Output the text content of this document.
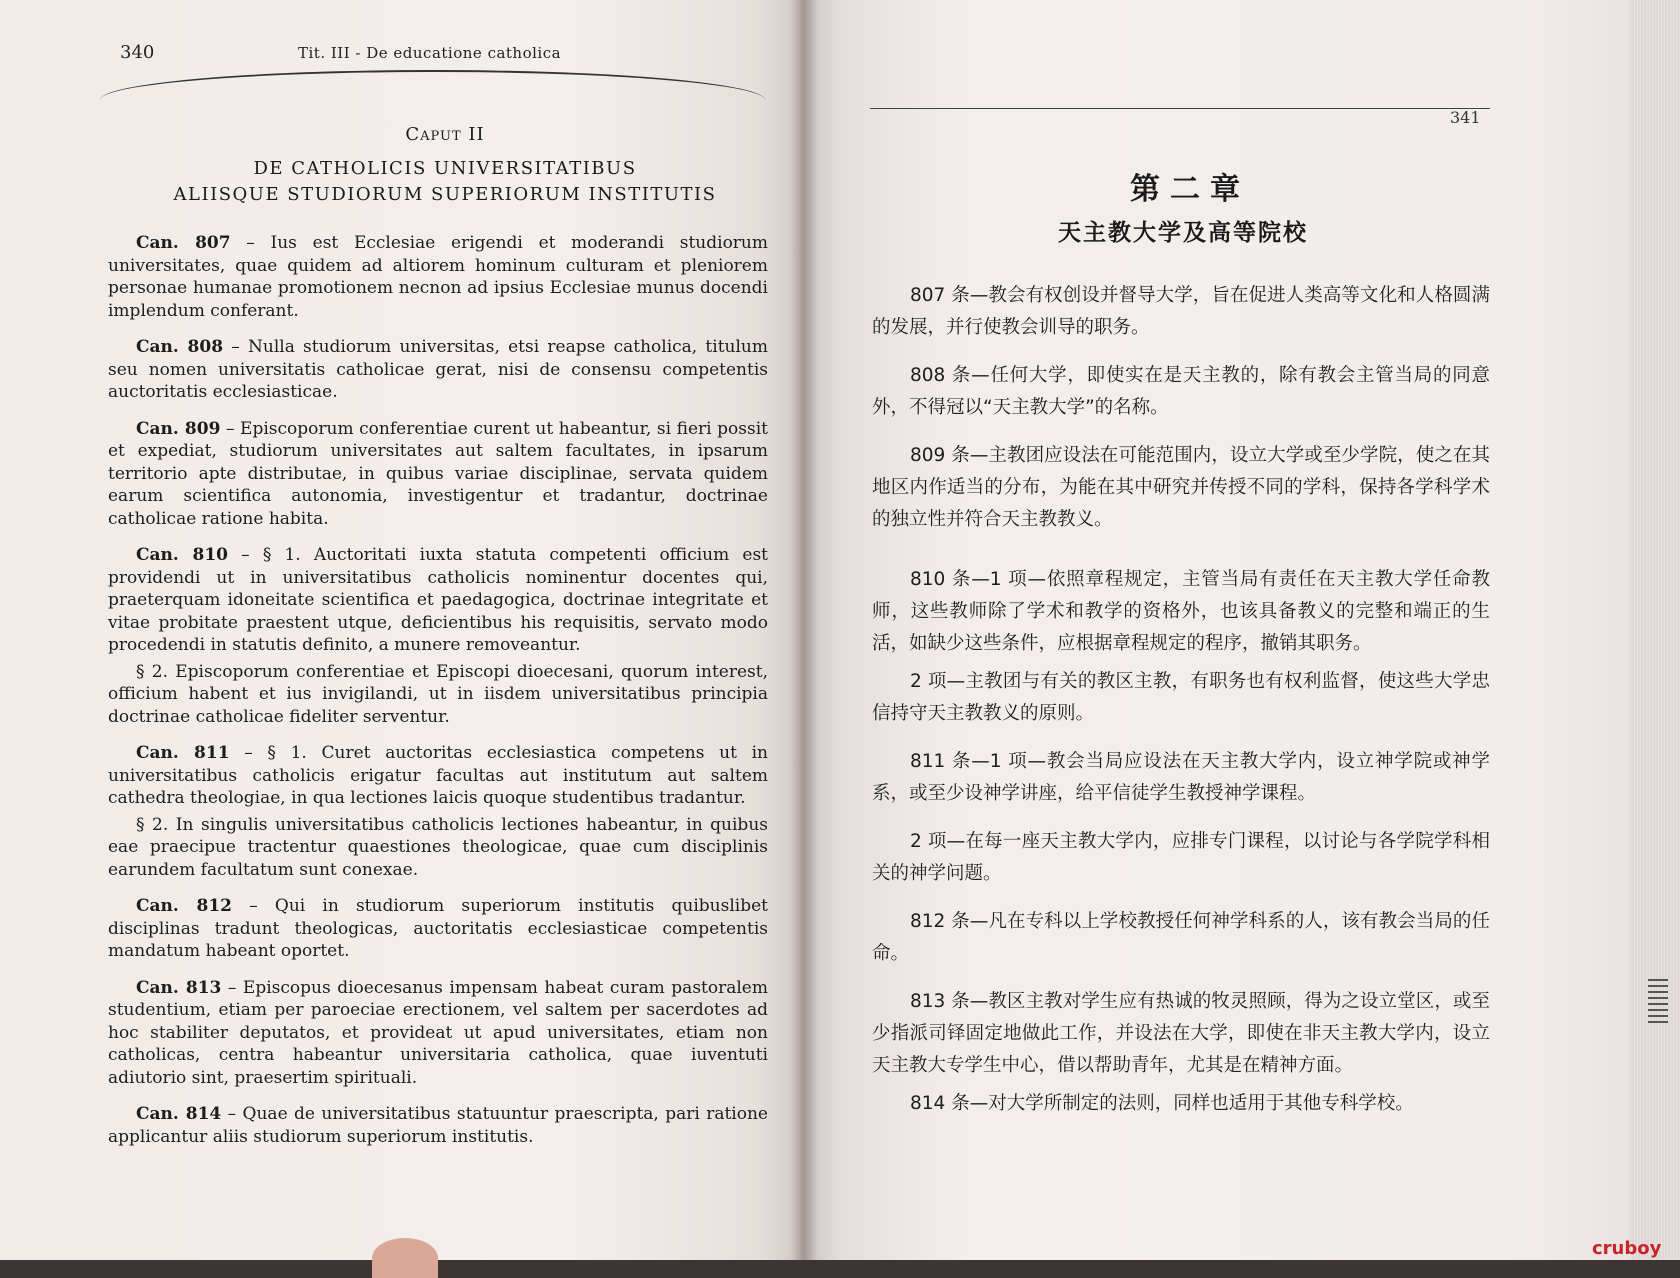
340	Tit. III - De educatione catholica
Caput II
DE CATHOLICIS UNIVERSITATIBUS
ALIISQUE STUDIORUM SUPERIORUM INSTITUTIS

Can. 807 – Ius est Ecclesiae erigendi et moderandi studiorum universitates, quae quidem ad altiorem hominum culturam et pleniorem personae humanae promotionem necnon ad ipsius Ecclesiae munus docendi implendum conferant.

Can. 808 – Nulla studiorum universitas, etsi reapse catholica, titulum seu nomen universitatis catholicae gerat, nisi de consensu competentis auctoritatis ecclesiasticae.

Can. 809 – Episcoporum conferentiae curent ut habeantur, si fieri possit et expediat, studiorum universitates aut saltem facultates, in ipsarum territorio apte distributae, in quibus variae disciplinae, servata quidem earum scientifica autonomia, investigentur et tradantur, doctrinae catholicae ratione habita.

Can. 810 – § 1. Auctoritati iuxta statuta competenti officium est providendi ut in universitatibus catholicis nominentur docentes qui, praeterquam idoneitate scientifica et paedagogica, doctrinae integritate et vitae probitate praestent utque, deficientibus his requisitis, servato modo procedendi in statutis definito, a munere removeantur.

§ 2. Episcoporum conferentiae et Episcopi dioecesani, quorum interest, officium habent et ius invigilandi, ut in iisdem universitatibus principia doctrinae catholicae fideliter serventur.

Can. 811 – § 1. Curet auctoritas ecclesiastica competens ut in universitatibus catholicis erigatur facultas aut institutum aut saltem cathedra theologiae, in qua lectiones laicis quoque studentibus tradantur.

§ 2. In singulis universitatibus catholicis lectiones habeantur, in quibus eae praecipue tractentur quaestiones theologicae, quae cum disciplinis earundem facultatum sunt conexae.

Can. 812 – Qui in studiorum superiorum institutis quibuslibet disciplinas tradunt theologicas, auctoritatis ecclesiasticae competentis mandatum habeant oportet.

Can. 813 – Episcopus dioecesanus impensam habeat curam pastoralem studentium, etiam per paroeciae erectionem, vel saltem per sacerdotes ad hoc stabiliter deputatos, et provideat ut apud universitates, etiam non catholicas, centra habeantur universitaria catholica, quae iuventuti adiutorio sint, praesertim spirituali.

Can. 814 – Quae de universitatibus statuuntur praescripta, pari ratione applicantur aliis studiorum superiorum institutis.

341
第二章
天主教大学及高等院校

807 条—教会有权创设并督导大学，旨在促进人类高等文化和人格圆满的发展，并行使教会训导的职务。

808 条—任何大学，即使实在是天主教的，除有教会主管当局的同意外，不得冠以“天主教大学”的名称。

809 条—主教团应设法在可能范围内，设立大学或至少学院，使之在其地区内作适当的分布，为能在其中研究并传授不同的学科，保持各学科学术的独立性并符合天主教教义。

810 条—1 项—依照章程规定，主管当局有责任在天主教大学任命教师，这些教师除了学术和教学的资格外，也该具备教义的完整和端正的生活，如缺少这些条件，应根据章程规定的程序，撤销其职务。

2 项—主教团与有关的教区主教，有职务也有权利监督，使这些大学忠信持守天主教教义的原则。

811 条—1 项—教会当局应设法在天主教大学内，设立神学院或神学系，或至少设神学讲座，给平信徒学生教授神学课程。

2 项—在每一座天主教大学内，应排专门课程，以讨论与各学院学科相关的神学问题。

812 条—凡在专科以上学校教授任何神学科系的人，该有教会当局的任命。

813 条—教区主教对学生应有热诚的牧灵照顾，得为之设立堂区，或至少指派司铎固定地做此工作，并设法在大学，即使在非天主教大学内，设立天主教大专学生中心，借以帮助青年，尤其是在精神方面。

814 条—对大学所制定的法则，同样也适用于其他专科学校。

cruboy
